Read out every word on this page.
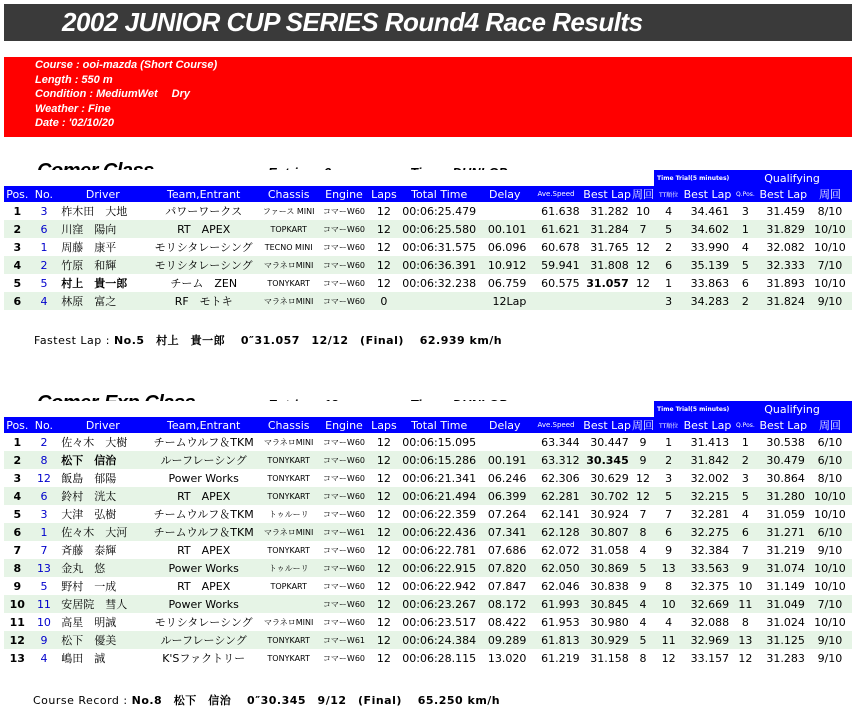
2002 JUNIOR CUP SERIES Round4 Race Results
Course : ooi-mazda (Short Course)
Length : 550 m
Condition : MediumWet　 Dry
Weather : Fine
Date : '02/10/20
												Time Trial(5 minutes)		Qualifying		
Pos.	No.	Driver	Team,Entrant	Chassis	Engine	Laps	Total Time	Delay	Ave.Speed	Best Lap	周回	TT順位	Best Lap	Q.Pos.	Best Lap	周回
1	3	柞木田　大地	パワーワークス	ファース MINI	コマーW60	12	00:06:25.479		61.638	31.282	10	4	34.461	3	31.459	8/10
2	6	川窪　陽向	RT　APEX	TOPKART	コマーW60	12	00:06:25.580	00.101	61.621	31.284	7	5	34.602	1	31.829	10/10
3	1	周藤　康平	モリシタレーシング	TECNO MINI	コマーW60	12	00:06:31.575	06.096	60.678	31.765	12	2	33.990	4	32.082	10/10
4	2	竹原　和輝	モリシタレーシング	マラネロMINI	コマーW60	12	00:06:36.391	10.912	59.941	31.808	12	6	35.139	5	32.333	7/10
5	5	村上　貴一郎	チーム　ZEN	TONYKART	コマーW60	12	00:06:32.238	06.759	60.575	31.057	12	1	33.863	6	31.893	10/10
6	4	林原　富之	RF　モトキ	マラネロMINI	コマーW60	0		12Lap				3	34.283	2	31.824	9/10
Fastest Lap : No.5　村上　貴一郎　 0″31.057　12/12　(Final)　 62.939 km/h
												Time Trial(5 minutes)		Qualifying		
Pos.	No.	Driver	Team,Entrant	Chassis	Engine	Laps	Total Time	Delay	Ave.Speed	Best Lap	周回	TT順位	Best Lap	Q.Pos.	Best Lap	周回
1	2	佐々木　大樹	チームウルフ＆TKM	マラネロMINI	コマーW60	12	00:06:15.095		63.344	30.447	9	1	31.413	1	30.538	6/10
2	8	松下　信治	ルーフレーシング	TONYKART	コマーW60	12	00:06:15.286	00.191	63.312	30.345	9	2	31.842	2	30.479	6/10
3	12	飯島　郁陽	Power Works	TONYKART	コマーW60	12	00:06:21.341	06.246	62.306	30.629	12	3	32.002	3	30.864	8/10
4	6	鈴村　洸太	RT　APEX	TONYKART	コマーW60	12	00:06:21.494	06.399	62.281	30.702	12	5	32.215	5	31.280	10/10
5	3	大津　弘樹	チームウルフ＆TKM	トゥルーリ	コマーW60	12	00:06:22.359	07.264	62.141	30.924	7	7	32.281	4	31.059	10/10
6	1	佐々木　大河	チームウルフ＆TKM	マラネロMINI	コマーW61	12	00:06:22.436	07.341	62.128	30.807	8	6	32.275	6	31.271	6/10
7	7	斉藤　泰輝	RT　APEX	TONYKART	コマーW60	12	00:06:22.781	07.686	62.072	31.058	4	9	32.384	7	31.219	9/10
8	13	金丸　悠	Power Works	トゥルーリ	コマーW60	12	00:06:22.915	07.820	62.050	30.869	5	13	33.563	9	31.074	10/10
9	5	野村　一成	RT　APEX	TOPKART	コマーW60	12	00:06:22.942	07.847	62.046	30.838	9	8	32.375	10	31.149	10/10
10	11	安居院　彗人	Power Works		コマーW60	12	00:06:23.267	08.172	61.993	30.845	4	10	32.669	11	31.049	7/10
11	10	高星　明誠	モリシタレーシング	マラネロMINI	コマーW60	12	00:06:23.517	08.422	61.953	30.980	4	4	32.088	8	31.024	10/10
12	9	松下　優美	ルーフレーシング	TONYKART	コマーW61	12	00:06:24.384	09.289	61.813	30.929	5	11	32.969	13	31.125	9/10
13	4	嶋田　誠	K'Sファクトリー	TONYKART	コマーW60	12	00:06:28.115	13.020	61.219	31.158	8	12	33.157	12	31.283	9/10
Course Record : No.8　松下　信治　 0″30.345　9/12　(Final)　 65.250 km/h
